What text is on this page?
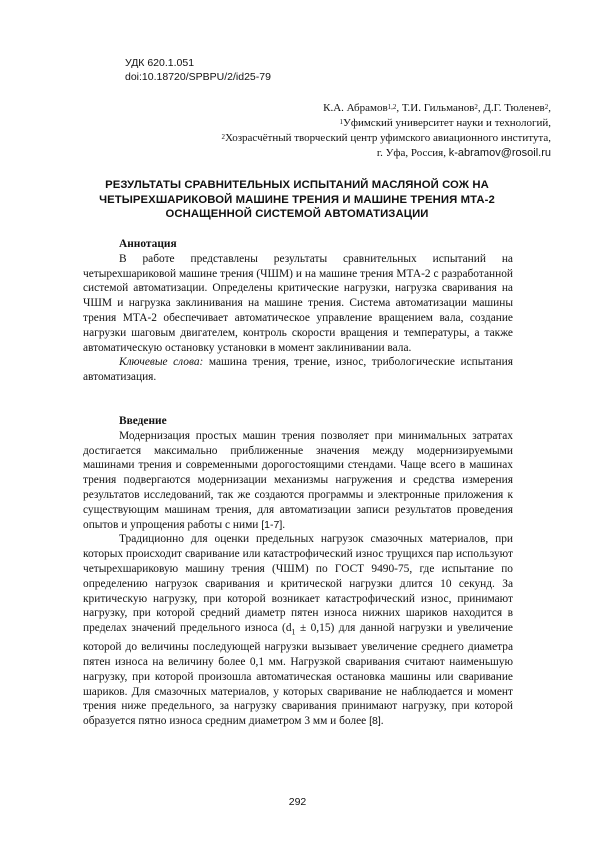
УДК 620.1.051
doi:10.18720/SPBPU/2/id25-79
К.А. Абрамов$^{1,2}$, Т.И. Гильманов$^2$, Д.Г. Тюленев$^2$,
$^1$Уфимский университет науки и технологий,
$^2$Хозрасчётный творческий центр уфимского авиационного института,
г. Уфа, Россия, k-abramov@rosoil.ru
РЕЗУЛЬТАТЫ СРАВНИТЕЛЬНЫХ ИСПЫТАНИЙ МАСЛЯНОЙ СОЖ НА
ЧЕТЫРЕХШАРИКОВОЙ МАШИНЕ ТРЕНИЯ И МАШИНЕ ТРЕНИЯ МТА-2
ОСНАЩЕННОЙ СИСТЕМОЙ АВТОМАТИЗАЦИИ
Аннотация

В работе представлены результаты сравнительных испытаний на четырехшариковой машине трения (ЧШМ) и на машине трения МТА-2 с разработанной системой автоматизации. Определены критические нагрузки, нагрузка сваривания на ЧШМ и нагрузка заклинивания на машине трения. Система автоматизации машины трения МТА-2 обеспечивает автоматическое управление вращением вала, создание нагрузки шаговым двигателем, контроль скорости вращения и температуры, а также автоматическую остановку установки в момент заклинивании вала.

Ключевые слова: машина трения, трение, износ, трибологические испытания автоматизация.

Введение

Модернизация простых машин трения позволяет при минимальных затратах достигается максимально приближенные значения между модернизируемыми машинами трения и современными дорогостоящими стендами. Чаще всего в машинах трения подвергаются модернизации механизмы нагружения и средства измерения результатов исследований, так же создаются программы и электронные приложения к существующим машинам трения, для автоматизации записи результатов проведения опытов и упрощения работы с ними [1-7].

Традиционно для оценки предельных нагрузок смазочных материалов, при которых происходит сваривание или катастрофический износ трущихся пар используют четырехшариковую машину трения (ЧШМ) по ГОСТ 9490-75, где испытание по определению нагрузок сваривания и критической нагрузки длится 10 секунд. За критическую нагрузку, при которой возникает катастрофический износ, принимают нагрузку, при которой средний диаметр пятен износа нижних шариков находится в пределах значений предельного износа $(d_1 \pm 0,15)$ для данной нагрузки и увеличение которой до величины последующей нагрузки вызывает увеличение среднего диаметра пятен износа на величину более 0,1 мм. Нагрузкой сваривания считают наименьшую нагрузку, при которой произошла автоматическая остановка машины или сваривание шариков. Для смазочных материалов, у которых сваривание не наблюдается и момент трения ниже предельного, за нагрузку сваривания принимают нагрузку, при которой образуется пятно износа средним диаметром 3 мм и более [8].

292
